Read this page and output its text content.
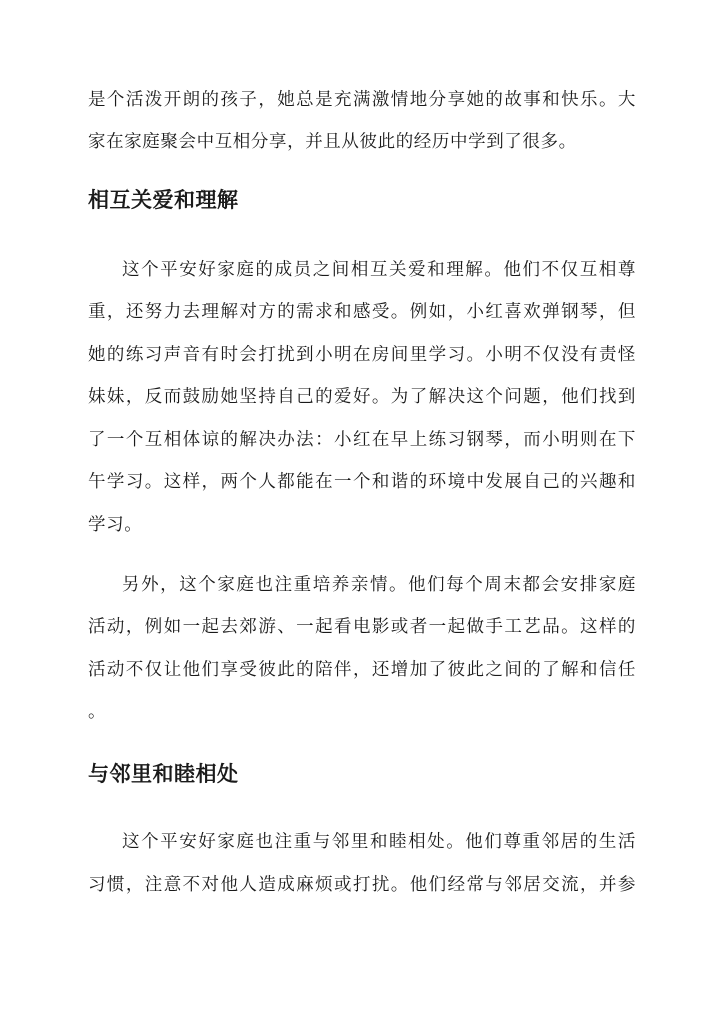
是个活泼开朗的孩子，她总是充满激情地分享她的故事和快乐。大
家在家庭聚会中互相分享，并且从彼此的经历中学到了很多。
相互关爱和理解
这个平安好家庭的成员之间相互关爱和理解。他们不仅互相尊
重，还努力去理解对方的需求和感受。例如，小红喜欢弹钢琴，但
她的练习声音有时会打扰到小明在房间里学习。小明不仅没有责怪
妹妹，反而鼓励她坚持自己的爱好。为了解决这个问题，他们找到
了一个互相体谅的解决办法：小红在早上练习钢琴，而小明则在下
午学习。这样，两个人都能在一个和谐的环境中发展自己的兴趣和
学习。
另外，这个家庭也注重培养亲情。他们每个周末都会安排家庭
活动，例如一起去郊游、一起看电影或者一起做手工艺品。这样的
活动不仅让他们享受彼此的陪伴，还增加了彼此之间的了解和信任
。
与邻里和睦相处
这个平安好家庭也注重与邻里和睦相处。他们尊重邻居的生活
习惯，注意不对他人造成麻烦或打扰。他们经常与邻居交流，并参
